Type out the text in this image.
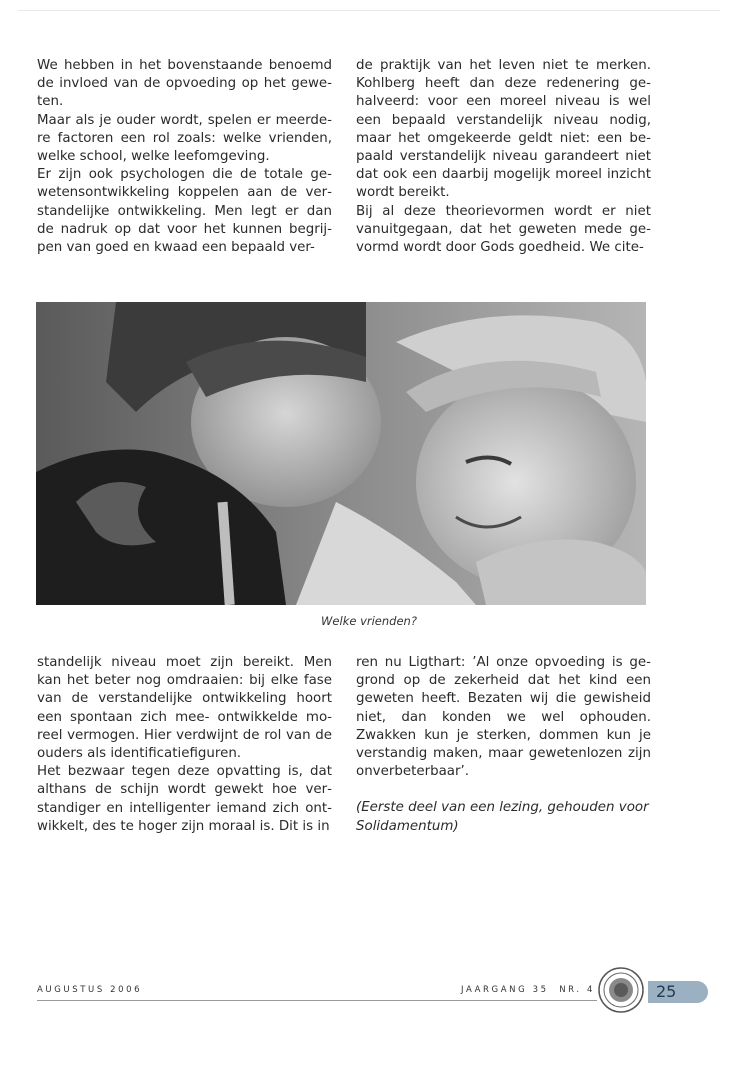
We hebben in het bovenstaande benoemd de invloed van de opvoeding op het geweten.

Maar als je ouder wordt, spelen er meerdere factoren een rol zoals: welke vrienden, welke school, welke leefomgeving.

Er zijn ook psychologen die de totale gewetensontwikkeling koppelen aan de verstandelijke ontwikkeling. Men legt er dan de nadruk op dat voor het kunnen begrijpen van goed en kwaad een bepaald ver-

de praktijk van het leven niet te merken. Kohlberg heeft dan deze redenering gehalveerd: voor een moreel niveau is wel een bepaald verstandelijk niveau nodig, maar het omgekeerde geldt niet: een bepaald verstandelijk niveau garandeert niet dat ook een daarbij mogelijk moreel inzicht wordt bereikt.

Bij al deze theorievormen wordt er niet vanuitgegaan, dat het geweten mede gevormd wordt door Gods goedheid. We cite-

Welke vrienden?

standelijk niveau moet zijn bereikt. Men kan het beter nog omdraaien: bij elke fase van de verstandelijke ontwikkeling hoort een spontaan zich mee- ontwikkelde moreel vermogen. Hier verdwijnt de rol van de ouders als identificatiefiguren.

Het bezwaar tegen deze opvatting is, dat althans de schijn wordt gewekt hoe verstandiger en intelligenter iemand zich ontwikkelt, des te hoger zijn moraal is. Dit is in

ren nu Ligthart: ’Al onze opvoeding is gegrond op de zekerheid dat het kind een geweten heeft. Bezaten wij die gewisheid niet, dan konden we wel ophouden. Zwakken kun je sterken, dommen kun je verstandig maken, maar gewetenlozen zijn onverbeterbaar’.

(Eerste deel van een lezing, gehouden voor Solidamentum)

AUGUSTUS 2006	JAARGANG 35  NR. 4	25
